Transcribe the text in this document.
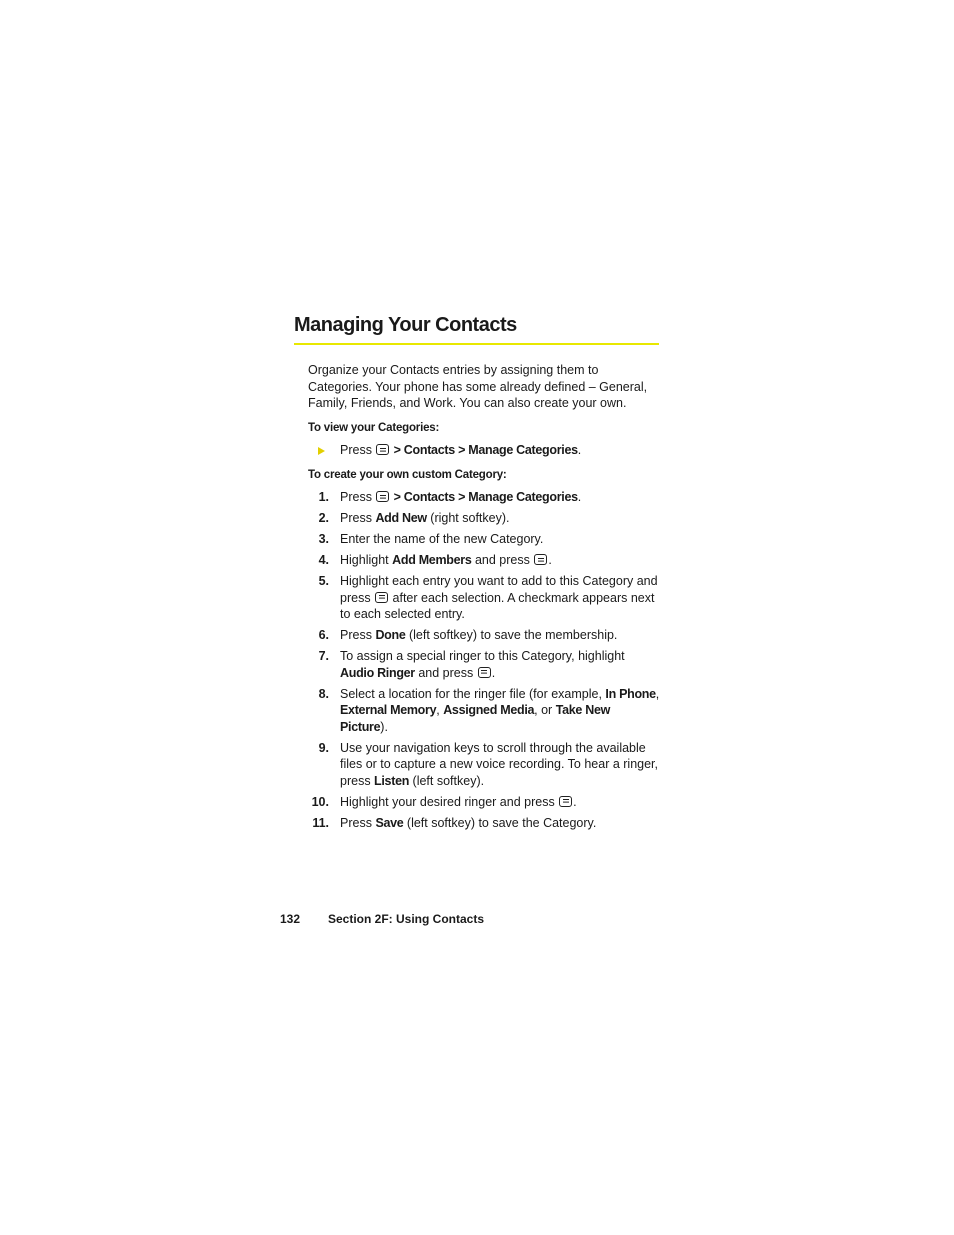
Managing Your Contacts

Organize your Contacts entries by assigning them to Categories. Your phone has some already defined – General, Family, Friends, and Work. You can also create your own.

To view your Categories:

Press  > Contacts > Manage Categories.

To create your own custom Category:

1. Press  > Contacts > Manage Categories.
2. Press Add New (right softkey).
3. Enter the name of the new Category.
4. Highlight Add Members and press .
5. Highlight each entry you want to add to this Category and press  after each selection. A checkmark appears next to each selected entry.
6. Press Done (left softkey) to save the membership.
7. To assign a special ringer to this Category, highlight Audio Ringer and press .
8. Select a location for the ringer file (for example, In Phone, External Memory, Assigned Media, or Take New Picture).
9. Use your navigation keys to scroll through the available files or to capture a new voice recording. To hear a ringer, press Listen (left softkey).
10. Highlight your desired ringer and press .
11. Press Save (left softkey) to save the Category.
132 Section 2F: Using Contacts
